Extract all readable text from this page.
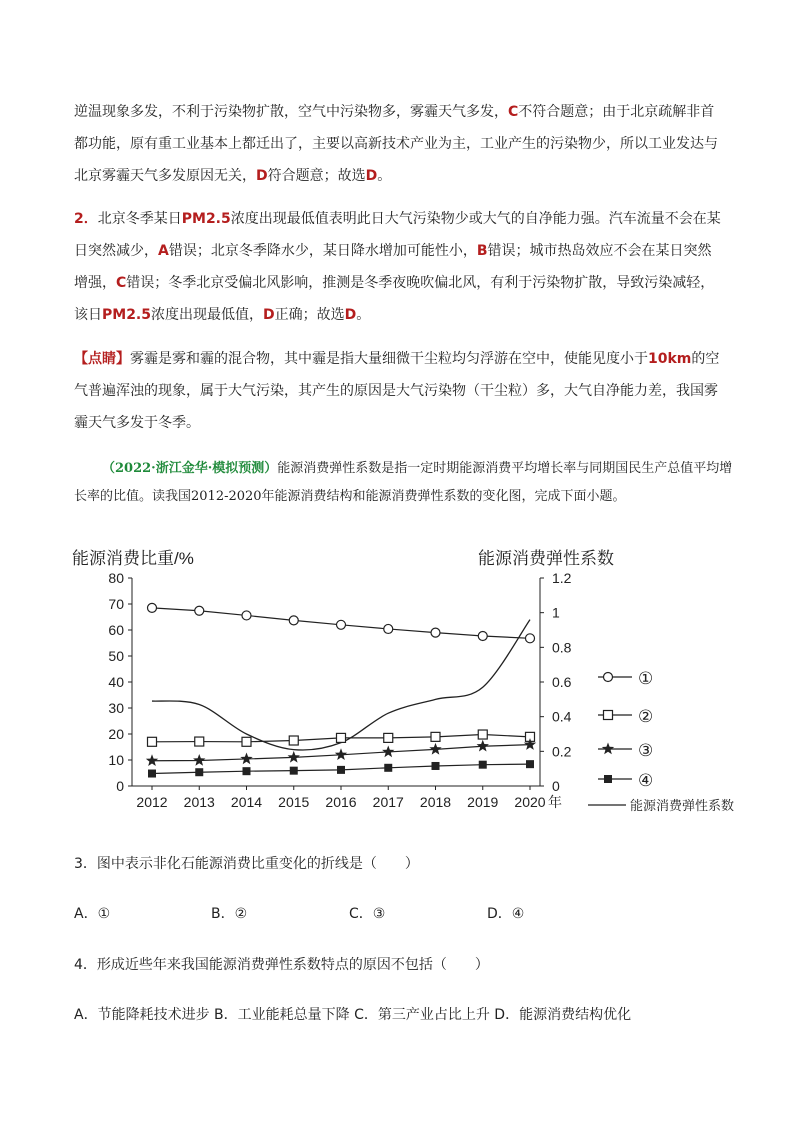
逆温现象多发，不利于污染物扩散，空气中污染物多，雾霾天气多发，C不符合题意；由于北京疏解非首都功能，原有重工业基本上都迁出了，主要以高新技术产业为主，工业产生的污染物少，所以工业发达与北京雾霾天气多发原因无关，D符合题意；故选D。
2．北京冬季某日PM2.5浓度出现最低值表明此日大气污染物少或大气的自净能力强。汽车流量不会在某日突然减少，A错误；北京冬季降水少，某日降水增加可能性小，B错误；城市热岛效应不会在某日突然增强，C错误；冬季北京受偏北风影响，推测是冬季夜晚吹偏北风，有利于污染物扩散，导致污染减轻，该日PM2.5浓度出现最低值，D正确；故选D。
【点睛】雾霾是雾和霾的混合物，其中霾是指大量细微干尘粒均匀浮游在空中，使能见度小于10km的空气普遍浑浊的现象，属于大气污染，其产生的原因是大气污染物（干尘粒）多，大气自净能力差，我国雾霾天气多发于冬季。
（2022·浙江金华·模拟预测）能源消费弹性系数是指一定时期能源消费平均增长率与同期国民生产总值平均增长率的比值。读我国2012-2020年能源消费结构和能源消费弹性系数的变化图，完成下面小题。
能源消费比重/%	能源消费弹性系数
0
10
20
30
40
50
60
70
80
0
0.2
0.4
0.6
0.8
1
1.2
2012 2013 2014 2015 2016 2017 2018 2019 2020 年
①
②
③
④
能源消费弹性系数
3．图中表示非化石能源消费比重变化的折线是（　　）
A．①	B．②	C．③	D．④
4．形成近些年来我国能源消费弹性系数特点的原因不包括（　　）
A．节能降耗技术进步 B．工业能耗总量下降 C．第三产业占比上升 D．能源消费结构优化
